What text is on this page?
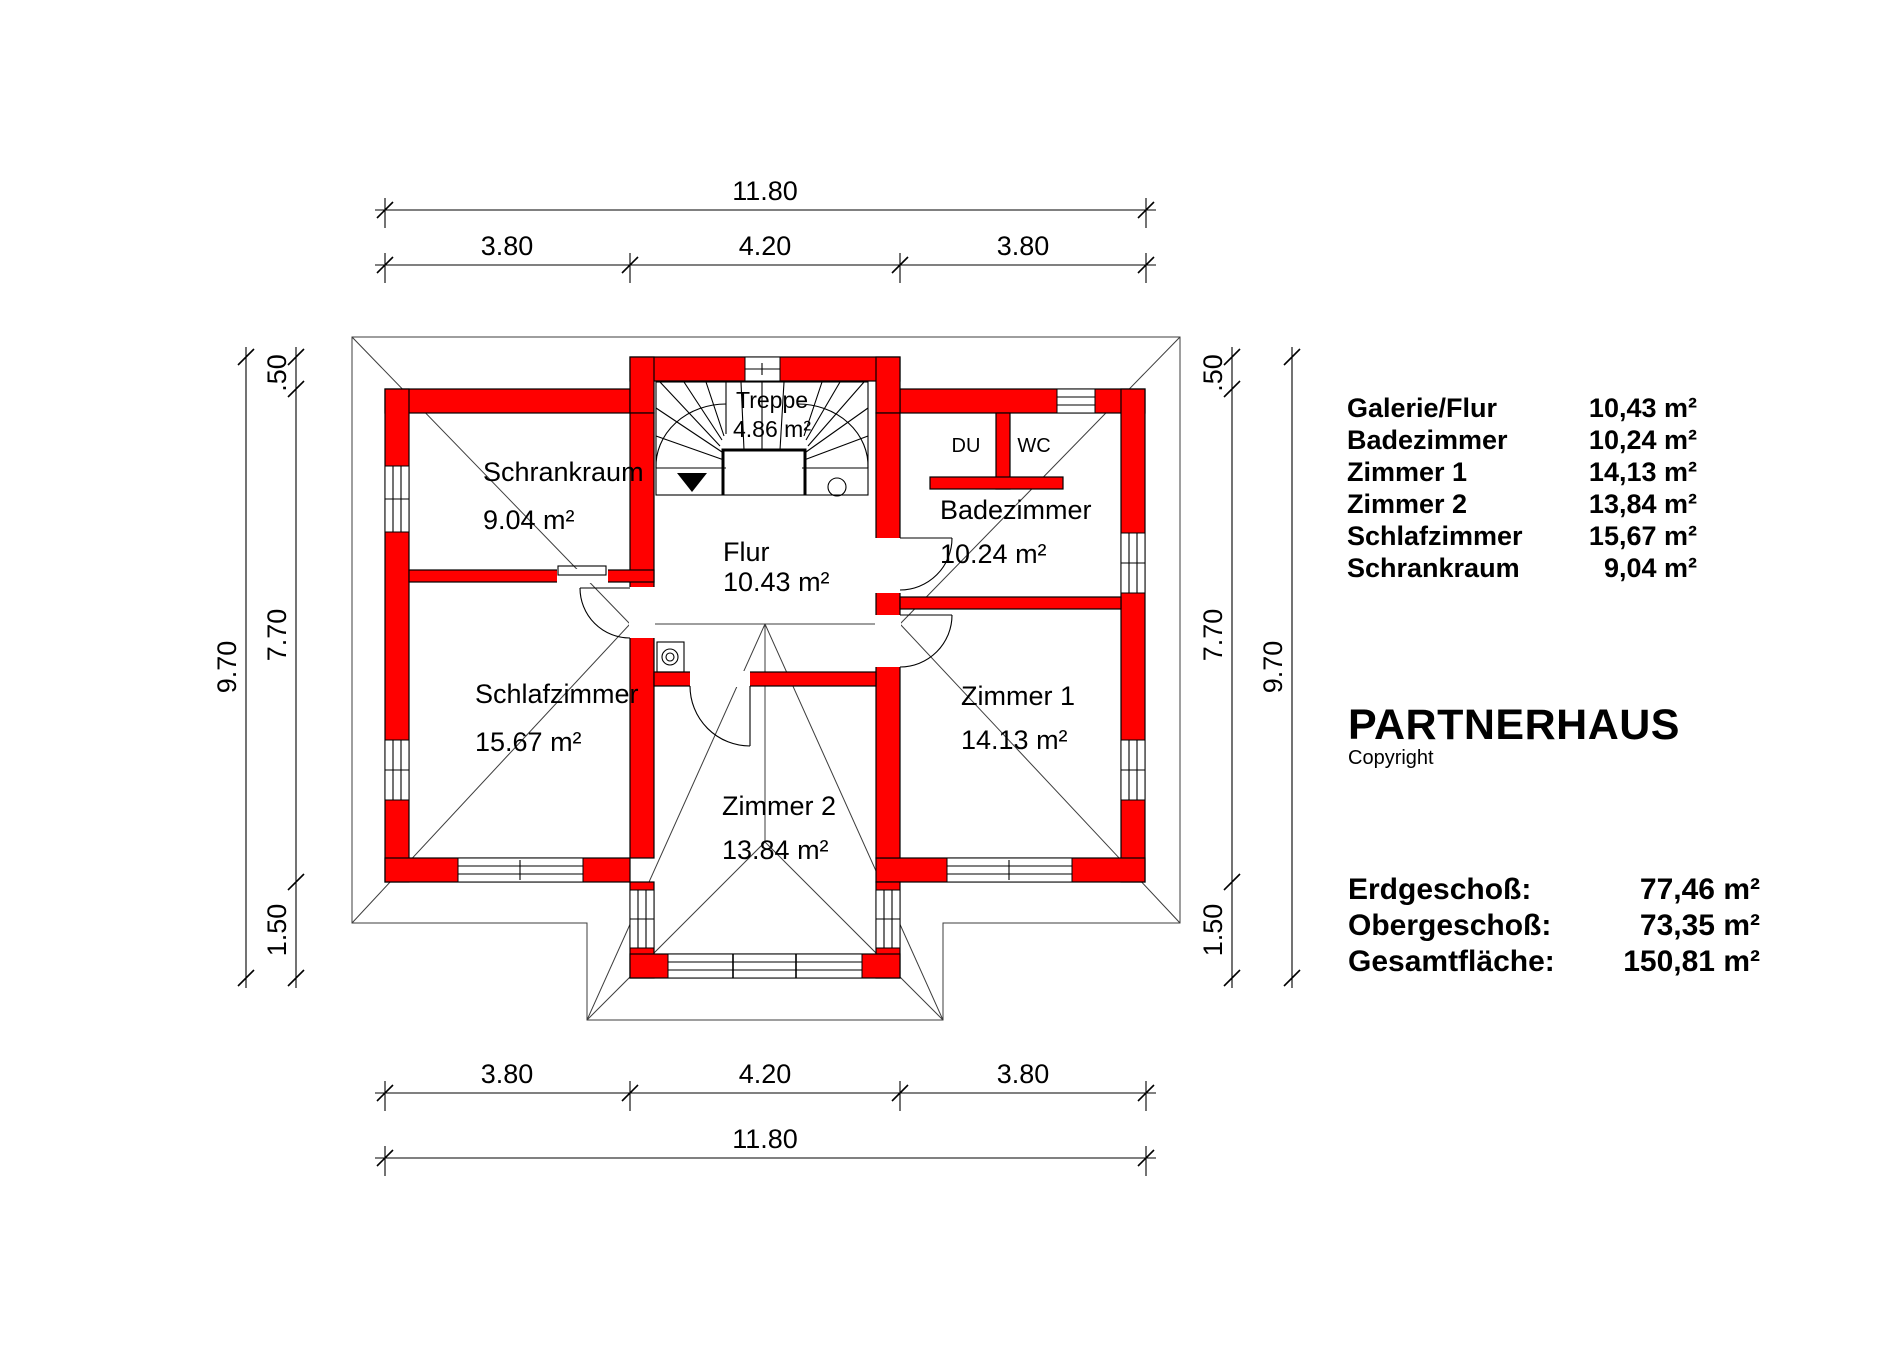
11.80
3.80	4.20	3.80
3.80	4.20	3.80
11.80
9.70
.50
7.70
1.50
.50
7.70
1.50
9.70
Schrankraum
9.04 m²
Treppe
4.86 m²
Flur
10.43 m²
DU WC
Badezimmer
10.24 m²
Schlafzimmer
15.67 m²
Zimmer 1
14.13 m²
Zimmer 2
13.84 m²
Galerie/Flur	10,43 m²
Badezimmer	10,24 m²
Zimmer 1	14,13 m²
Zimmer 2	13,84 m²
Schlafzimmer 15,67 m²
Schrankraum	9,04 m²
PARTNERHAUS
Copyright
Erdgeschoß:	77,46 m²
Obergeschoß:	73,35 m²
Gesamtfläche: 150,81 m²
